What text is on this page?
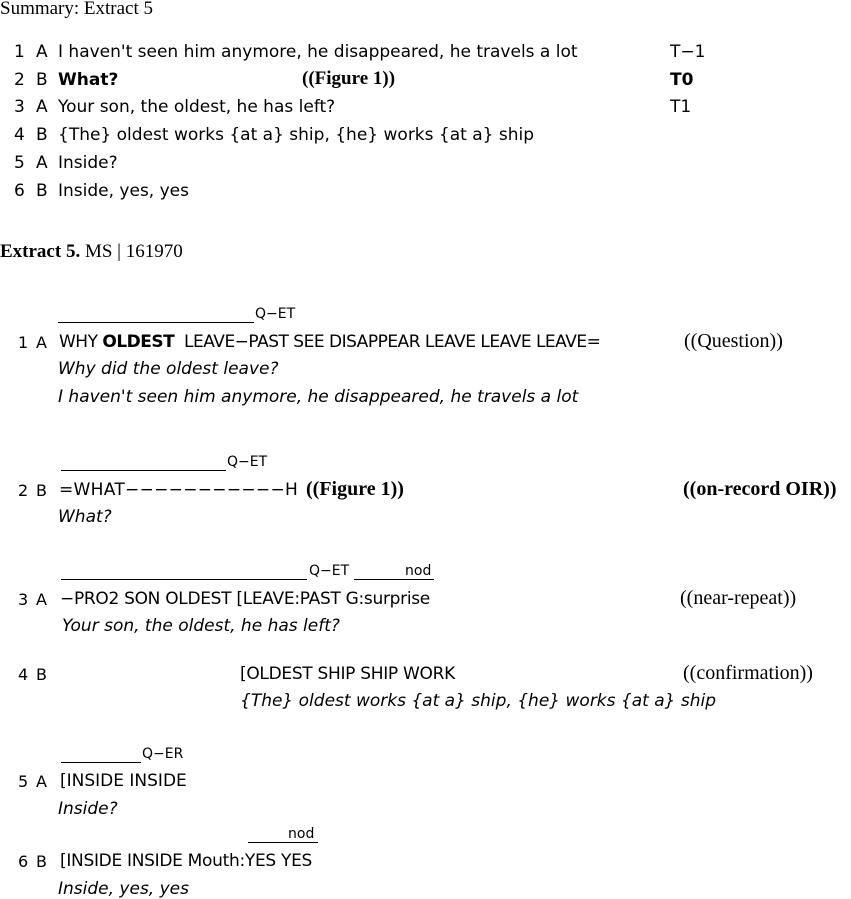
Summary: Extract 5
1 A I haven't seen him anymore, he disappeared, he travels a lot	T−1
2 B What?	((Figure 1))	T0
3 A Your son, the oldest, he has left?	T1
4 B {The} oldest works {at a} ship, {he} works {at a} ship
5 A Inside?
6 B Inside, yes, yes
Extract 5. MS | 161970
Q−ET
1 A WHY OLDEST  LEAVE−PAST SEE DISAPPEAR LEAVE LEAVE LEAVE=	((Question))
Why did the oldest leave?
I haven't seen him anymore, he disappeared, he travels a lot
Q−ET
2 B =WHAT−−−−−−−−−−−H ((Figure 1))	((on-record OIR))
What?
Q−ET	nod
3 A −PRO2 SON OLDEST [LEAVE:PAST G:surprise	((near-repeat))
Your son, the oldest, he has left?
4 B	[OLDEST SHIP SHIP WORK	((confirmation))
{The} oldest works {at a} ship, {he} works {at a} ship
Q−ER
5 A [INSIDE INSIDE
Inside?
nod
6 B [INSIDE INSIDE Mouth:YES YES
Inside, yes, yes
